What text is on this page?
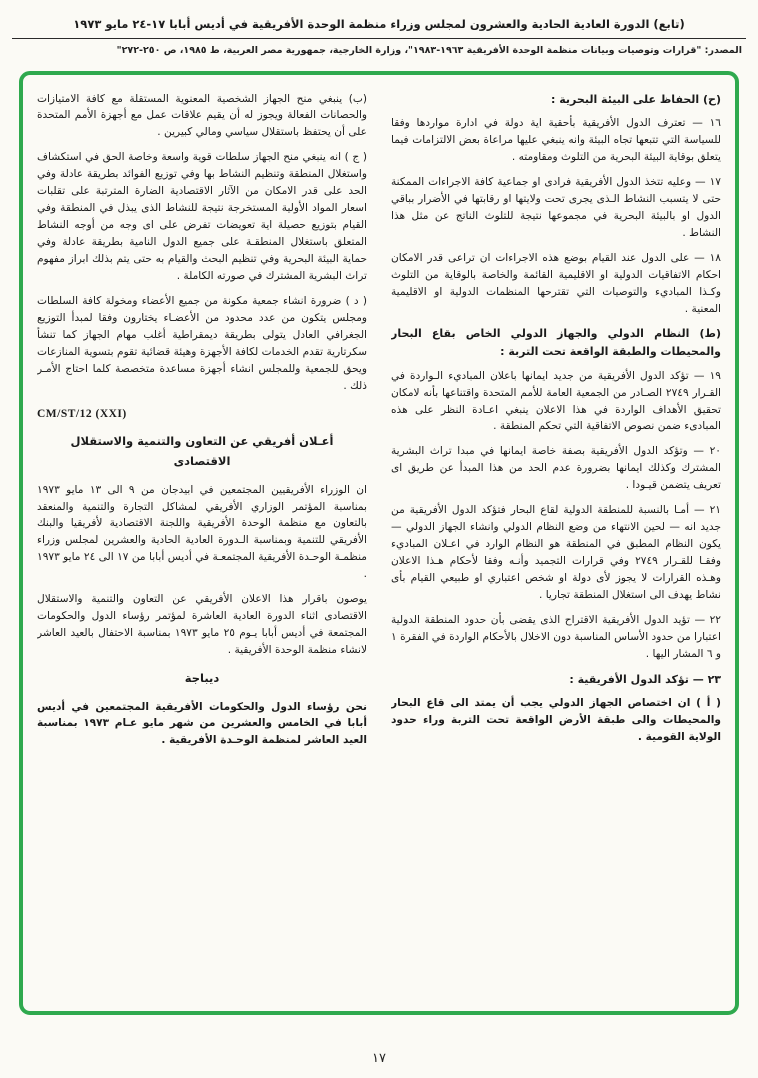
(تابع) الدورة العادية الحادية والعشرون لمجلس وزراء منظمة الوحدة الأفريقية في أديس أبابا ١٧-٢٤ مايو ١٩٧٣
المصدر: "قرارات وتوصيات وبيانات منظمة الوحدة الأفريقية ١٩٦٣-١٩٨٣"، وزارة الخارجية، جمهورية مصر العربية، ط ١٩٨٥، ص ٢٥٠-٢٧٢"
(ح) الحفاظ على البيئة البحرية :

١٦ — تعترف الدول الأفريقية بأحقية اية دولة في ادارة مواردها وفقا للسياسة التي تتبعها تجاه البيئة وانه ينبغي عليها مراعاة بعض الالتزامات فيما يتعلق بوقاية البيئة البحرية من التلوث ومقاومته .

١٧ — وعليه تتخذ الدول الأفريقية فرادى او جماعية كافة الاجراءات الممكنة حتى لا يتسبب النشاط الـذى يجرى تحت ولايتها او رقابتها في الأضرار بباقي الدول او بالبيئة البحرية في مجموعها نتيجة للتلوث الناتج عن مثل هذا النشاط .

١٨ — على الدول عند القيام بوضع هذه الاجراءات ان تراعى قدر الامكان احكام الاتفاقيات الدولية او الاقليمية القائمة والخاصة بالوقاية من التلوث وكـذا المباديء والتوصيات التي تقترحها المنظمات الدولية او الاقليمية المعنية .

(ط) النظام الدولي والجهاز الدولي الخاص بقاع البحار والمحيطات والطبقة الواقعة تحت التربة :

١٩ — تؤكد الدول الأفريقية من جديد ايمانها باعلان المباديء الـواردة في القـرار ٢٧٤٩ الصـادر من الجمعية العامة للأمم المتحدة واقتناعها بأنه لامكان تحقيق الأهداف الواردة في هذا الاعلان ينبغي اعـادة النظر على هذه المبادىء ضمن نصوص الاتفاقية التي تحكم المنطقة .

٢٠ — وتؤكد الدول الأفريقية بصفة خاصة ايمانها في مبدا تراث البشرية المشترك وكذلك ايمانها بضرورة عدم الحد من هذا المبدأ عن طريق اى تعريف يتضمن قيـودا .

٢١ — أمـا بالنسبة للمنطقة الدولية لقاع البحار فتؤكد الدول الأفريقية من جديد انه — لحين الانتهاء من وضع النظام الدولي وانشاء الجهاز الدولي — يكون النظام المطبق في المنطقة هو النظام الوارد في اعـلان المباديء وفقـا للقـرار ٢٧٤٩ وفي قرارات التجميد وأنـه وفقا لأحكام هـذا الاعلان وهـذه القرارات لا يجوز لأى دولة او شخص اعتباري او طبيعي القيام بأى نشاط يهدف الى استغلال المنطقة تجاريا .

٢٢ — تؤيد الدول الأفريقية الاقتراح الذى يقضى بأن حدود المنطقة الدولية اعتبارا من حدود الأساس المناسبة دون الاخلال بالأحكام الواردة في الفقرة ١ و ٦ المشار اليها .

٢٣ — تؤكد الدول الأفريقية :

( أ ) ان اختصاص الجهاز الدولي يجب أن يمتد الى قاع البحار والمحيطات والى طبقة الأرض الواقعة تحت التربة وراء حدود الولاية القومية .

(ب) ينبغي منح الجهاز الشخصية المعنوية المستقلة مع كافة الامتيازات والحصانات الفعالة ويجوز له أن يقيم علاقات عمل مع أجهزة الأمم المتحدة على أن يحتفظ باستقلال سياسي ومالي كبيرين .

( ج ) انه ينبغي منح الجهاز سلطات قوية واسعة وخاصة الحق في استكشاف واستغلال المنطقة وتنظيم النشاط بها وفي توزيع الفوائد بطريقة عادلة وفي الحد على قدر الامكان من الآثار الاقتصادية الضارة المترتبة على تقلبات اسعار المواد الأولية المستخرجة نتيجة للنشاط الذى يبذل في المنطقة وفي القيام بتوزيع حصيلة اية تعويضات تفرض على اى وجه من أوجه النشاط المتعلق باستغلال المنطقـة على جميع الدول النامية بطريقة عادلة وفي حماية البيئة البحرية وفي تنظيم البحث والقيام به حتى يتم بذلك ابراز مفهوم تراث البشرية المشترك في صورته الكاملة .

( د ) ضرورة انشاء جمعية مكونة من جميع الأعضاء ومخولة كافة السلطات ومجلس يتكون من عدد محدود من الأعضـاء يختارون وفقا لمبدأ التوزيع الجغرافي العادل يتولى بطريقة ديمقراطية أغلب مهام الجهاز كما تنشأ سكرتارية تقدم الخدمات لكافة الأجهزة وهيئة قضائية تقوم بتسوية المنازعات ويحق للجمعية وللمجلس انشاء أجهزة مساعدة متخصصة كلما احتاج الأمـر ذلك .

CM/ST/12 (XXI)
أعـلان أفريقي عن التعاون والتنمية والاستقلال الاقتصادى

ان الوزراء الأفريقيين المجتمعين في ابيدجان من ٩ الى ١٣ مايو ١٩٧٣ بمناسبة المؤتمر الوزاري الأفريقي لمشاكل التجارة والتنمية والمنعقد بالتعاون مع منظمة الوحدة الأفريقية واللجنة الاقتصادية لأفريقيا والبنك الأفريقي للتنمية وبمناسبة الـدورة العادية الحادية والعشرين لمجلس وزراء منظمـة الوحـدة الأفريقية المجتمعـة في أديس أبابا من ١٧ الى ٢٤ مايو ١٩٧٣ .

يوصون باقرار هذا الاعلان الأفريقي عن التعاون والتنمية والاستقلال الاقتصادى اثناء الدورة العادية العاشرة لمؤتمر رؤساء الدول والحكومات المجتمعة في أديس أبابا يـوم ٢٥ مايو ١٩٧٣ بمناسبة الاحتفال بالعيد العاشر لانشاء منظمة الوحدة الأفريقية .

ديباجة

نحن رؤساء الدول والحكومات الأفريقية المجتمعين في أديس أبابا في الخامس والعشرين من شهر مايو عـام ١٩٧٣ بمناسبة العيد العاشر لمنظمة الوحـدة الأفريقية .

١٧
